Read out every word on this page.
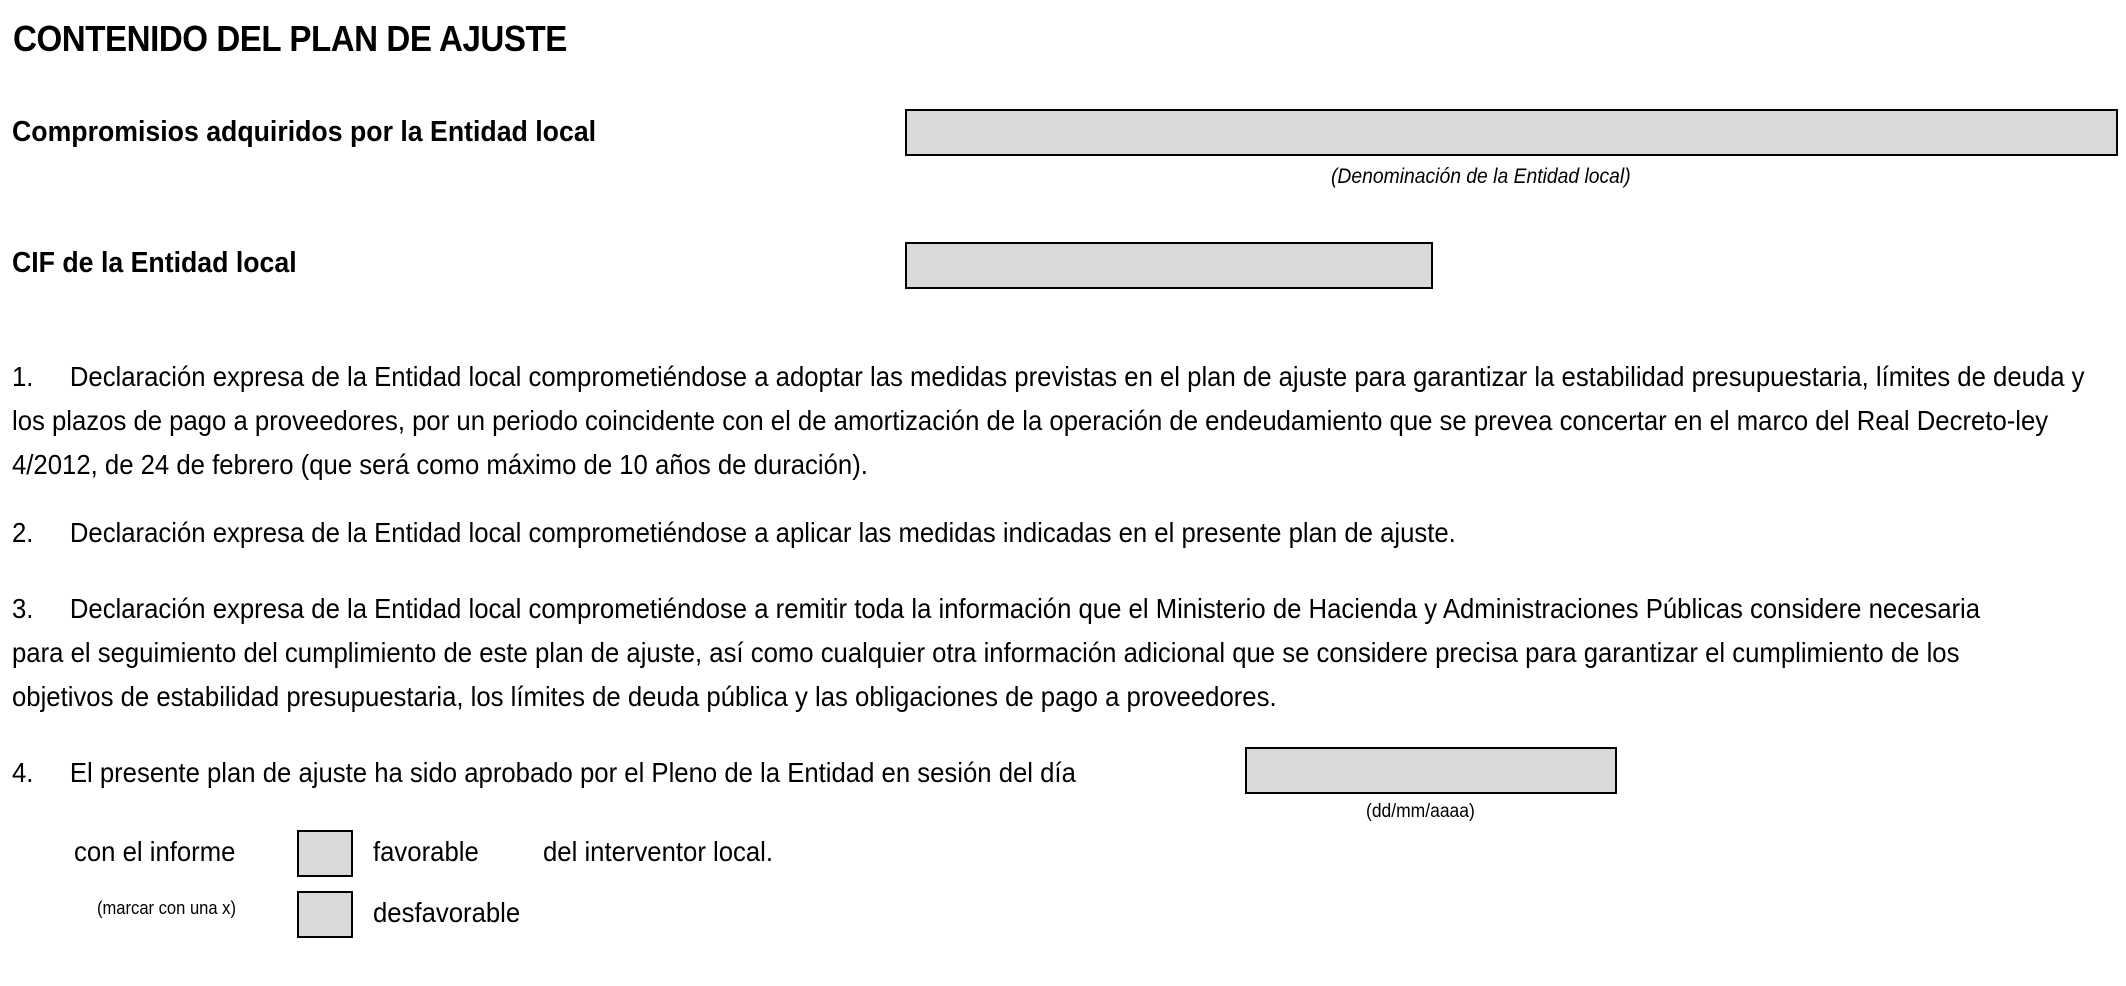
CONTENIDO DEL PLAN DE AJUSTE
Compromisios adquiridos por la Entidad local
(Denominación de la Entidad local)
CIF de la Entidad local

1. Declaración expresa de la Entidad local comprometiéndose a adoptar las medidas previstas en el plan de ajuste para garantizar la estabilidad presupuestaria, límites de deuda y los plazos de pago a proveedores, por un periodo coincidente con el de amortización de la operación de endeudamiento que se prevea concertar en el marco del Real Decreto-ley 4/2012, de 24 de febrero (que será como máximo de 10 años de duración).

2. Declaración expresa de la Entidad local comprometiéndose a aplicar las medidas indicadas en el presente plan de ajuste.

3. Declaración expresa de la Entidad local comprometiéndose a remitir toda la información que el Ministerio de Hacienda y Administraciones Públicas considere necesaria para el seguimiento del cumplimiento de este plan de ajuste, así como cualquier otra información adicional que se considere precisa para garantizar el cumplimiento de los objetivos de estabilidad presupuestaria, los límites de deuda pública y las obligaciones de pago a proveedores.

4. El presente plan de ajuste ha sido aprobado por el Pleno de la Entidad en sesión del día

(dd/mm/aaaa)
con el informe	favorable del interventor local.
(marcar con una x)	desfavorable
